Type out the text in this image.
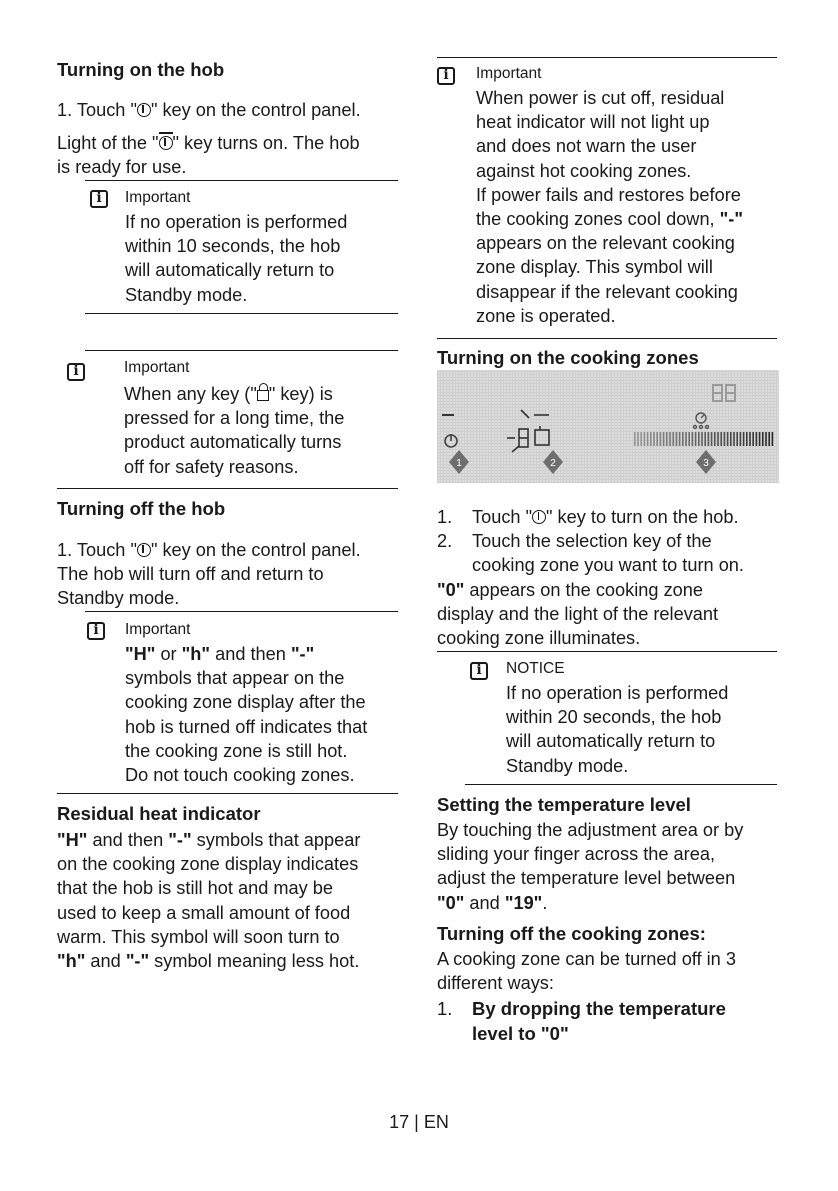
Turning on the hob

1. Touch " " key on the control panel.

Light of the " " key turns on. The hob

is ready for use.

i

Important

If no operation is performed

within 10 seconds, the hob

will automatically return to

Standby mode.

i

Important

When any key (" " key) is

pressed for a long time, the

product automatically turns

off for safety reasons.

Turning off the hob

1. Touch " " key on the control panel.

The hob will turn off and return to

Standby mode.

i

Important

"H" or "h" and then "-"

symbols that appear on the

cooking zone display after the

hob is turned off indicates that

the cooking zone is still hot.

Do not touch cooking zones.

Residual heat indicator

"H" and then "-" symbols that appear

on the cooking zone display indicates

that the hob is still hot and may be

used to keep a small amount of food

warm. This symbol will soon turn to

"h" and "-" symbol meaning less hot.

i

Important

When power is cut off, residual

heat indicator will not light up

and does not warn the user

against hot cooking zones.

If power fails and restores before

the cooking zones cool down, "-"

appears on the relevant cooking

zone display. This symbol will

disappear if the relevant cooking

zone is operated.

Turning on the cooking zones

1	2	3

1. Touch " " key to turn on the hob.

2. Touch the selection key of the

cooking zone you want to turn on.

"0" appears on the cooking zone

display and the light of the relevant

cooking zone illuminates.

i

NOTICE

If no operation is performed

within 20 seconds, the hob

will automatically return to

Standby mode.

Setting the temperature level

By touching the adjustment area or by

sliding your finger across the area,

adjust the temperature level between

"0" and "19".

Turning off the cooking zones:

A cooking zone can be turned off in 3

different ways:

1. By dropping the temperature

level to "0"

17 | EN
